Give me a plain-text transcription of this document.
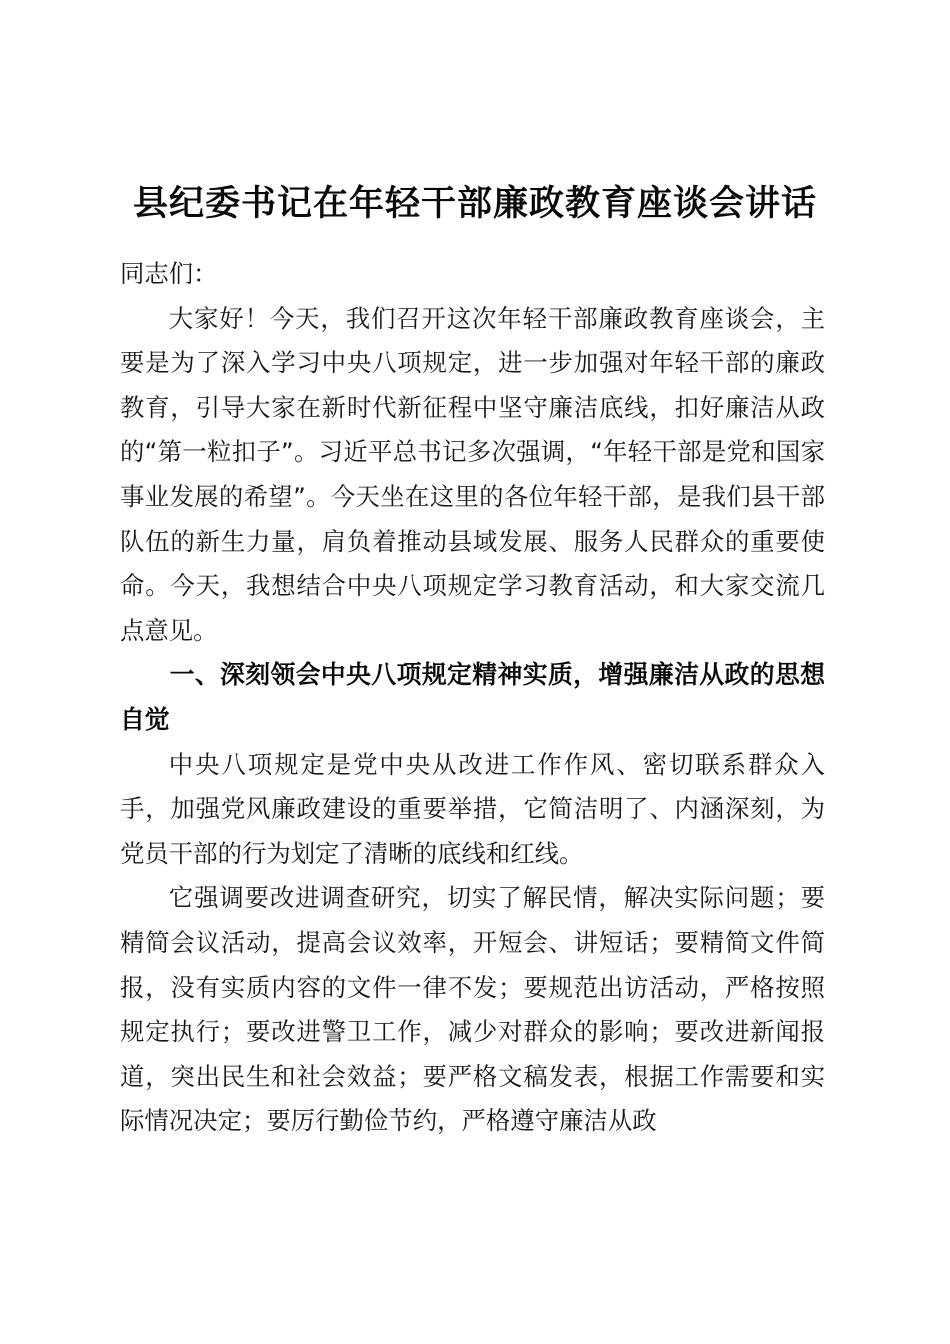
县纪委书记在年轻干部廉政教育座谈会讲话

同志们：

大家好！今天，我们召开这次年轻干部廉政教育座谈会，主要是为了深入学习中央八项规定，进一步加强对年轻干部的廉政教育，引导大家在新时代新征程中坚守廉洁底线，扣好廉洁从政的“第一粒扣子”。习近平总书记多次强调，“年轻干部是党和国家事业发展的希望”。今天坐在这里的各位年轻干部，是我们县干部队伍的新生力量，肩负着推动县域发展、服务人民群众的重要使命。今天，我想结合中央八项规定学习教育活动，和大家交流几点意见。

一、深刻领会中央八项规定精神实质，增强廉洁从政的思想自觉

中央八项规定是党中央从改进工作作风、密切联系群众入手，加强党风廉政建设的重要举措，它简洁明了、内涵深刻，为党员干部的行为划定了清晰的底线和红线。

它强调要改进调查研究，切实了解民情，解决实际问题；要精简会议活动，提高会议效率，开短会、讲短话；要精简文件简报，没有实质内容的文件一律不发；要规范出访活动，严格按照规定执行；要改进警卫工作，减少对群众的影响；要改进新闻报道，突出民生和社会效益；要严格文稿发表，根据工作需要和实际情况决定；要厉行勤俭节约，严格遵守廉洁从政
